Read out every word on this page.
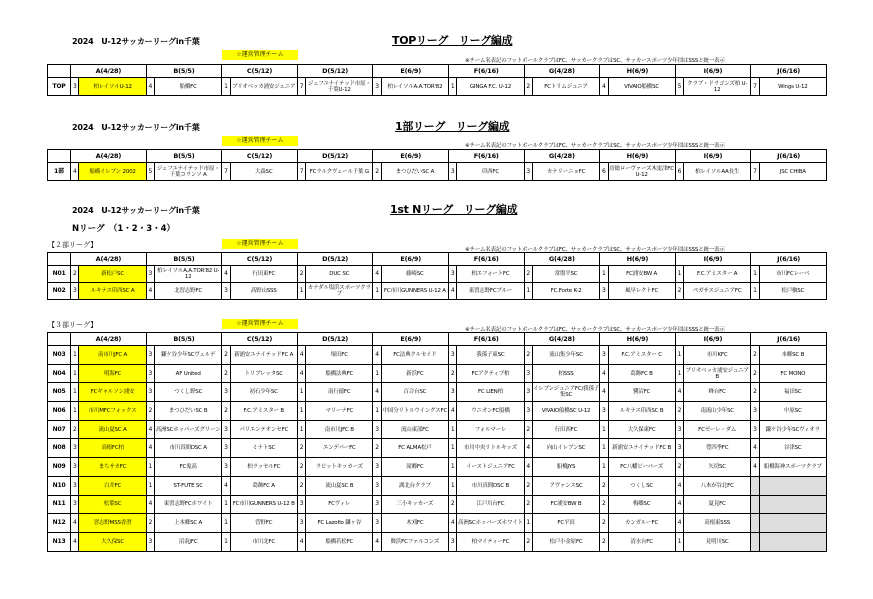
2024　U-12サッカーリーグin千葉	TOPリーグ　リーグ編成
☆運営管理チーム
※チーム名表記のフットボールクラブはFC、サッカークラブはSC、サッカースポーツ少年団はSSSと統一表示
	A(4/28)		B(5/5)		C(5/12)		D(5/12)		E(6/9)		F(6/16)		G(4/28)		H(6/9)		I(6/9)		J(6/16)	
TOP	3	柏レイソルU-12	4	船橋FC	1	ブリオベッカ浦安ジュニア	7	ジェフユナイテッド市原・千葉U-12	3	柏レイソルA.A.TOR'82	1	GINGA F.C. U-12	2	FCトリムジュニア	4	VIVAIO船橋SC	5	クラブ・ドラゴンズ柏 U-12	7	Wings U-12
2024　U-12サッカーリーグin千葉	1部リーグ　リーグ編成
☆運営管理チーム
※チーム名表記のフットボールクラブはFC、サッカークラブはSC、サッカースポーツ少年団はSSSと統一表示
	A(4/28)		B(5/5)		C(5/12)		D(5/12)		E(6/9)		F(6/16)		G(4/28)		H(6/9)		I(6/9)		J(6/16)	
1部	4	船橋イレブン 2002	5	ジェフユナイテッド市原・千葉コランソ A	7	大森SC	7	FCラルクヴェール千葉 G	2	まつひだいSC A	3	印西FC	3	カナリーニョFC	6	房総ローヴァーズ木更津FC U-12	6	柏レイソルAA長生	7	JSC CHIBA
2024　U-12サッカーリーグin千葉	1st Nリーグ　リーグ編成
Nリーグ　（1・2・3・4）
【２部リーグ】	☆運営管理チーム
※チーム名表記のフットボールクラブはFC、サッカークラブはSC、サッカースポーツ少年団はSSSと統一表示
	A(4/28)		B(5/5)		C(5/12)		D(5/12)		E(6/9)		F(6/16)		G(4/28)		H(6/9)		I(6/9)		J(6/16)	
N01	2	新松戸SC	3	柏レイソルA.A.TOR'82 U-12	4	行田東FC	2	DUC SC	4	藤崎SC	3	柏エフォートFC	2	常盤平SC	1	FC浦安BW A	1	F.C.アミスター A	1	市川FCレーベ
N02	3	ルキナス印西SC A	4	北習志野FC	3	高野山SSS	1	カナダル塩浜スポーツクラブ	1	FC市川GUNNERS U-12 A	4	東習志野FCブルー	1	FC.Forte K-2	3	風早レクトFC	2	ペガサスジュニアFC	1	松戸槇SC
【３部リーグ】	☆運営管理チーム
※チーム名表記のフットボールクラブはFC、サッカークラブはSC、サッカースポーツ少年団はSSSと統一表示
	A(4/28)		B(5/5)		C(5/12)		D(5/12)		E(6/9)		F(6/16)		G(4/28)		H(6/9)		I(6/9)		J(6/16)	
N03	1	南市川JFC A	3	鎌ケ谷少年SCヴェルデ	2	新浦安ユナイテッドFC A	4	塚田FC	4	FC法典クルセイド	3	我孫子東SC	2	流山集少年SC	3	F.C.アミスター C	1	市川KFC	2	本郷SC B
N04	1	明海FC	3	AF United	2	トリプレッタSC	4	船橋法典FC	1	新浜FC	2	FCアクティブ柏	3	柏SSS	4	葛飾FC B	1	ブリオベッカ浦安ジュニア B	2	FC MONO
N05	1	FCギャルソン浦安	3	つくし野SC	3	初石少年SC	1	南行徳FC	4	百合台SC	3	FC LIEN柏	3	イレブンジュニアFC/我孫子集SC	4	鷺沼FC	4	峰台FC	2	福田SC
N06	1	市川MFCフォックス	2	まつひだいSC B	2	F.C.アミスター B	1	マリーナFC	1	中国分リトルウイングスFC	4	ウニオンFC船橋	3	VIVAIO船橋SC U-12	3	ルキナス印西SC B	2	南流山少年SC	3	中原SC
N07	2	流山夏SC A	4	高洲SCホッパーズグリーン	3	パリエンテオンセFC	1	南市川JFC B	3	流山東部FC	1	フォルマーレ	2	行田西FC	1	大久保東FC	3	FCゼーレ・ダム	3	鎌ケ谷少年SCヴィオラ
N08	3	高根FC柏	4	市川真間DSC A	3	ミナトSC	2	エンデバーFC	2	FC ALMA松戸	1	市川中央リトルキッズ	4	向山イレブンSC	1	新浦安ユナイテッドFC B	3	豊四季FC	4	谷津SC
N09	3	まちサカFC	1	FC鬼高	3	柏ラッセルFC	2	ラビットキッカーズ	3	滝郷FC	1	イーストジュニアFC	4	船橋JYS	1	FC八幡ビーバーズ	2	矢切SC	4	船橋海神スポーツクラブ
N10	3	白井FC	1	ST-FUTE SC	4	葛飾FC A	2	流山夏SC B	3	湖北台クラブ	1	市川真間DSC B	2	アヴァンスSC	2	つくしSC	4	八木が谷北FC		
N11	3	松葉SC	4	東習志野FCホワイト	1	FC市川GUNNERS U-12 B	3	FCヴィレ	3	三小キッカーズ	2	江戸川台FC	2	FC浦安BW B	2	梅郷SC	4	夏見FC		
N12	4	習志野MSS香澄	2	上本郷SC A	1	菅野FC	3	FC Lazofio 鎌ヶ谷	3	木刈FC	4	高洲SCホッパーズホワイト	1	FC平田	2	カンガルーFC	4	高根東SSS		
N13	4	大久保SC	3	沼南JFC	1	市川北FC	4	船橋若松FC	4	舞浜FCファルコンズ	3	柏マイティーFC	2	松戸小金原FC	2	清水台FC	1	見明川SC		
